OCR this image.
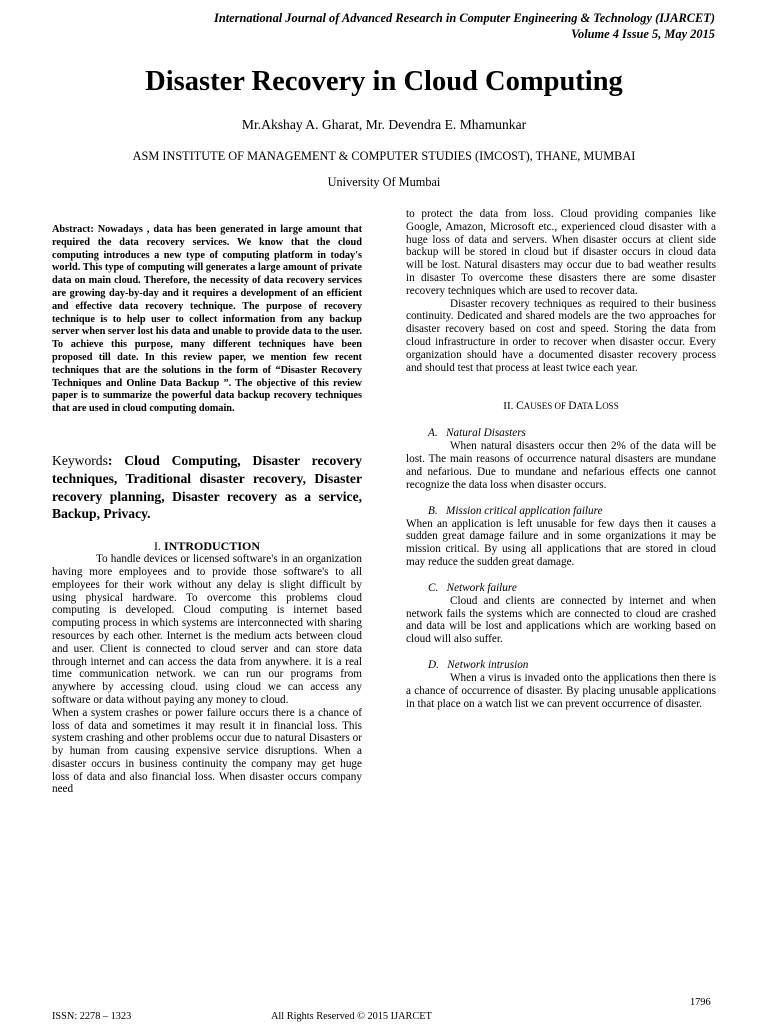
International Journal of Advanced Research in Computer Engineering & Technology (IJARCET)
Volume 4 Issue 5, May 2015
Disaster Recovery in Cloud Computing
Mr.Akshay A. Gharat, Mr. Devendra E. Mhamunkar
ASM INSTITUTE OF MANAGEMENT & COMPUTER STUDIES (IMCOST), THANE, MUMBAI
University Of Mumbai

Abstract: Nowadays , data has been generated in large amount that required the data recovery services. We know that the cloud computing introduces a new type of computing platform in today's world. This type of computing will generates a large amount of private data on main cloud. Therefore, the necessity of data recovery services are growing day-by-day and it requires a development of an efficient and effective data recovery technique. The purpose of recovery technique is to help user to collect information from any backup server when server lost his data and unable to provide data to the user. To achieve this purpose, many different techniques have been proposed till date. In this review paper, we mention few recent techniques that are the solutions in the form of “Disaster Recovery Techniques and Online Data Backup ”. The objective of this review paper is to summarize the powerful data backup recovery techniques that are used in cloud computing domain.

Keywords: Cloud Computing, Disaster recovery techniques, Traditional disaster recovery, Disaster recovery planning, Disaster recovery as a service, Backup, Privacy.
I. INTRODUCTION

To handle devices or licensed software's in an organization having more employees and to provide those software's to all employees for their work without any delay is slight difficult by using physical hardware. To overcome this problems cloud computing is developed. Cloud computing is internet based computing process in which systems are interconnected with sharing resources by each other. Internet is the medium acts between cloud and user. Client is connected to cloud server and can store data through internet and can access the data from anywhere. it is a real time communication network. we can run our programs from anywhere by accessing cloud. using cloud we can access any software or data without paying any money to cloud.

When a system crashes or power failure occurs there is a chance of loss of data and sometimes it may result it in financial loss. This system crashing and other problems occur due to natural Disasters or by human from causing expensive service disruptions. When a disaster occurs in business continuity the company may get huge loss of data and also financial loss. When disaster occurs company need

to protect the data from loss. Cloud providing companies like Google, Amazon, Microsoft etc., experienced cloud disaster with a huge loss of data and servers. When disaster occurs at client side backup will be stored in cloud but if disaster occurs in cloud data will be lost. Natural disasters may occur due to bad weather results in disaster To overcome these disasters there are some disaster recovery techniques which are used to recover data.

Disaster recovery techniques as required to their business continuity. Dedicated and shared models are the two approaches for disaster recovery based on cost and speed. Storing the data from cloud infrastructure in order to recover when disaster occur. Every organization should have a documented disaster recovery process and should test that process at least twice each year.

II. CAUSES OF DATA LOSS
A. Natural Disasters

When natural disasters occur then 2% of the data will be lost. The main reasons of occurrence natural disasters are mundane and nefarious. Due to mundane and nefarious effects one cannot recognize the data loss when disaster occurs.

B. Mission critical application failure

When an application is left unusable for few days then it causes a sudden great damage failure and in some organizations it may be mission critical. By using all applications that are stored in cloud may reduce the sudden great damage.

C. Network failure

Cloud and clients are connected by internet and when network fails the systems which are connected to cloud are crashed and data will be lost and applications which are working based on cloud will also suffer.

D. Network intrusion

When a virus is invaded onto the applications then there is a chance of occurrence of disaster. By placing unusable applications in that place on a watch list we can prevent occurrence of disaster.

1796
ISSN: 2278 – 1323	All Rights Reserved © 2015 IJARCET
